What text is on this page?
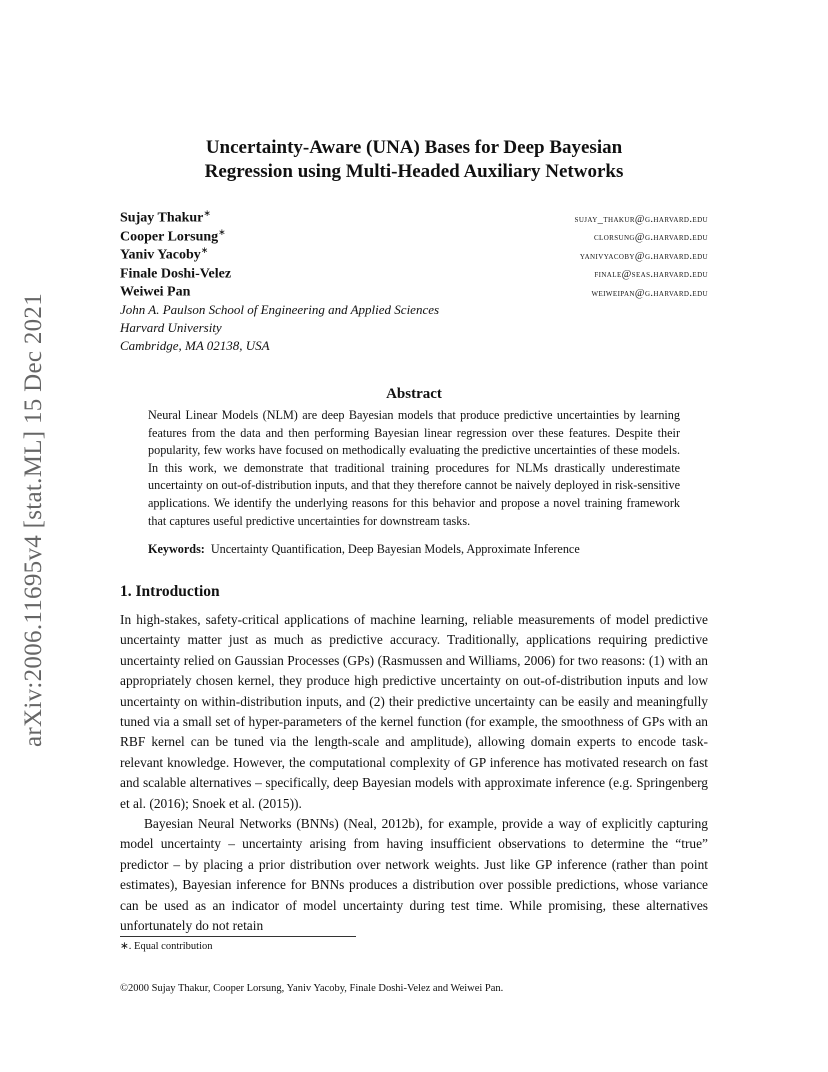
arXiv:2006.11695v4 [stat.ML] 15 Dec 2021
Uncertainty-Aware (UNA) Bases for Deep Bayesian
Regression using Multi-Headed Auxiliary Networks
Sujay Thakur∗
sujay_thakur@g.harvard.edu
Cooper Lorsung∗
clorsung@g.harvard.edu
Yaniv Yacoby∗
yanivyacoby@g.harvard.edu
Finale Doshi-Velez	finale@seas.harvard.edu
Weiwei Pan	weiweipan@g.harvard.edu
John A. Paulson School of Engineering and Applied Sciences
Harvard University
Cambridge, MA 02138, USA
Abstract
Neural Linear Models (NLM) are deep Bayesian models that produce predictive uncertainties by learning features from the data and then performing Bayesian linear regression over these features. Despite their popularity, few works have focused on methodically evaluating the predictive uncertainties of these models. In this work, we demonstrate that traditional training procedures for NLMs drastically underestimate uncertainty on out-of-distribution inputs, and that they therefore cannot be naively deployed in risk-sensitive applications. We identify the underlying reasons for this behavior and propose a novel training framework that captures useful predictive uncertainties for downstream tasks.
Keywords: Uncertainty Quantification, Deep Bayesian Models, Approximate Inference
1. Introduction

In high-stakes, safety-critical applications of machine learning, reliable measurements of model predictive uncertainty matter just as much as predictive accuracy. Traditionally, applications requiring predictive uncertainty relied on Gaussian Processes (GPs) (Rasmussen and Williams, 2006) for two reasons: (1) with an appropriately chosen kernel, they produce high predictive uncertainty on out-of-distribution inputs and low uncertainty on within-distribution inputs, and (2) their predictive uncertainty can be easily and meaningfully tuned via a small set of hyper-parameters of the kernel function (for example, the smoothness of GPs with an RBF kernel can be tuned via the length-scale and amplitude), allowing domain experts to encode task-relevant knowledge. However, the computational complexity of GP inference has motivated research on fast and scalable alternatives – specifically, deep Bayesian models with approximate inference (e.g. Springenberg et al. (2016); Snoek et al. (2015)).

Bayesian Neural Networks (BNNs) (Neal, 2012b), for example, provide a way of explicitly capturing model uncertainty – uncertainty arising from having insufficient observations to determine the “true” predictor – by placing a prior distribution over network weights. Just like GP inference (rather than point estimates), Bayesian inference for BNNs produces a distribution over possible predictions, whose variance can be used as an indicator of model uncertainty during test time. While promising, these alternatives unfortunately do not retain

∗. Equal contribution
©2000 Sujay Thakur, Cooper Lorsung, Yaniv Yacoby, Finale Doshi-Velez and Weiwei Pan.
